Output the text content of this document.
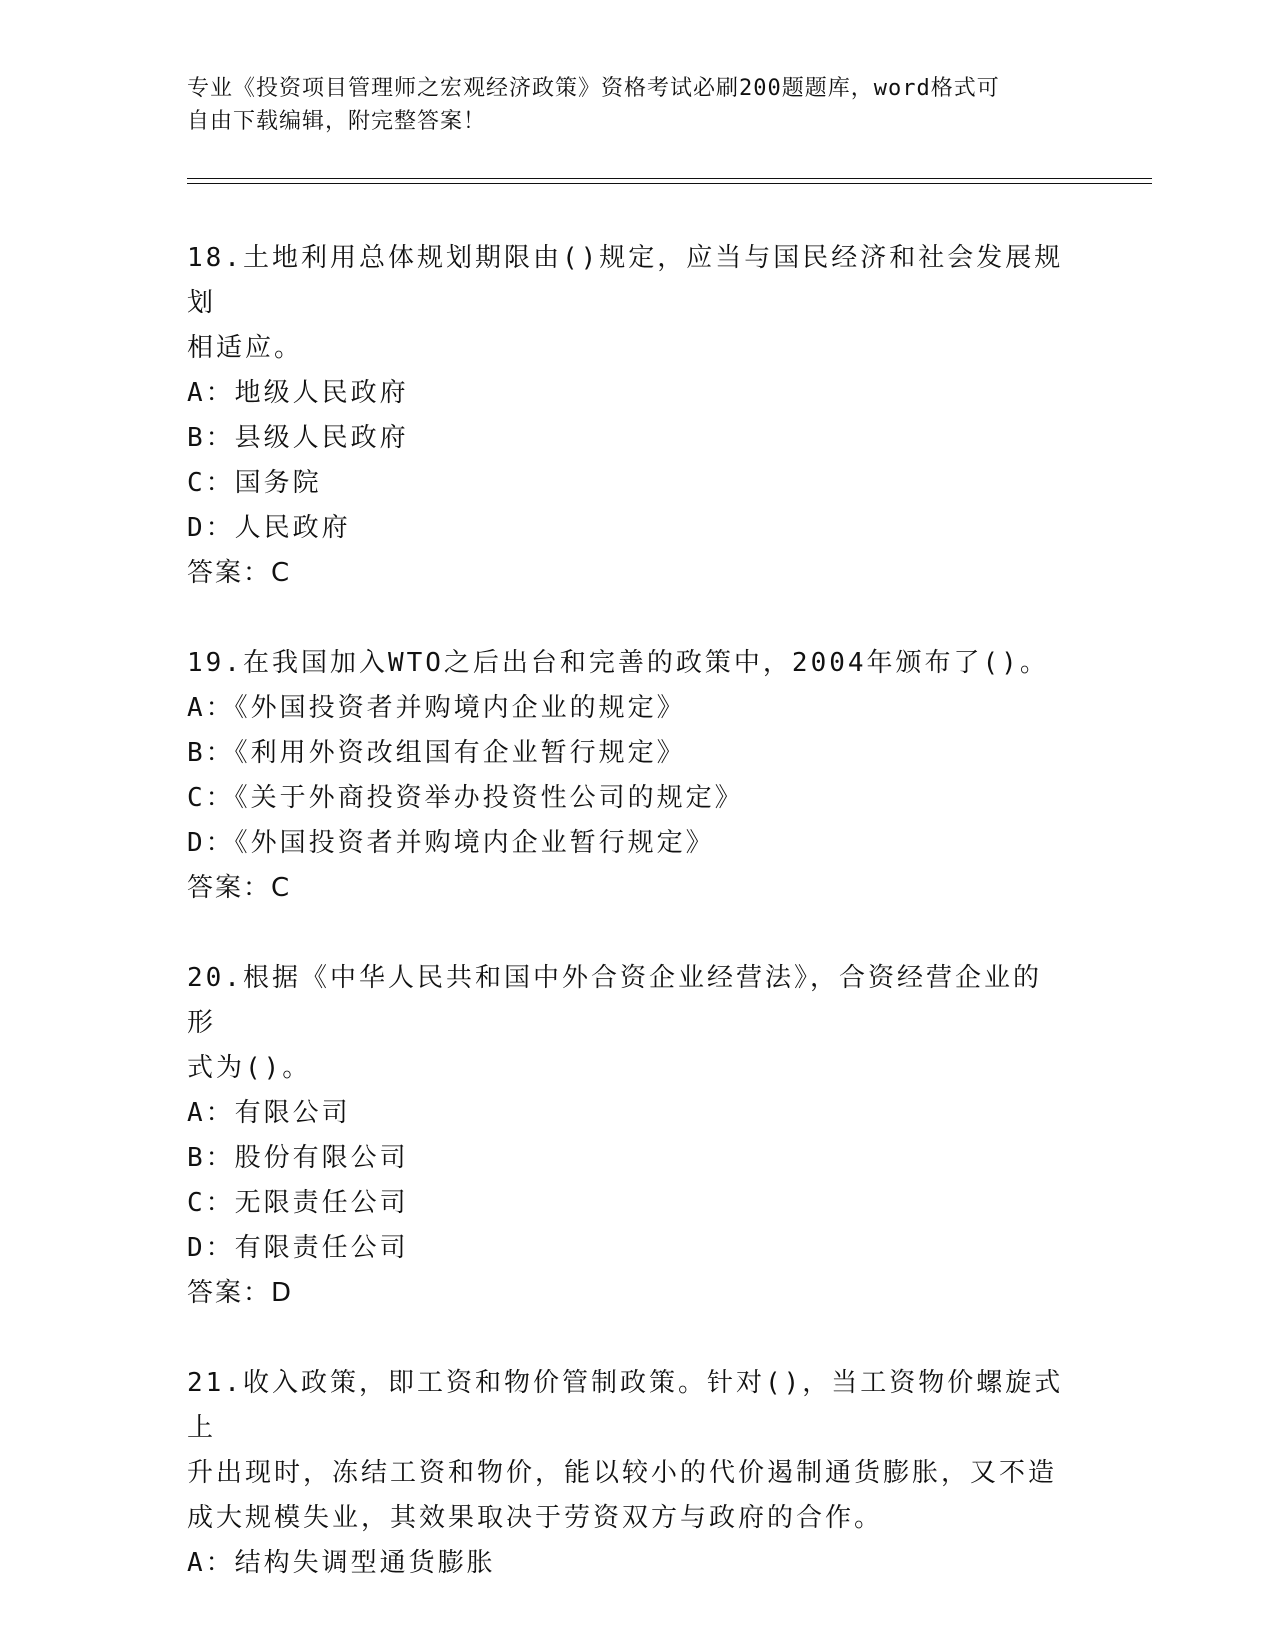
专业《投资项目管理师之宏观经济政策》资格考试必刷200题题库，word格式可
自由下载编辑，附完整答案！
18.土地利用总体规划期限由()规定，应当与国民经济和社会发展规划
相适应。
A：地级人民政府
B：县级人民政府
C：国务院
D：人民政府
答案：C
19.在我国加入WTO之后出台和完善的政策中，2004年颁布了()。
A：《外国投资者并购境内企业的规定》
B：《利用外资改组国有企业暂行规定》
C：《关于外商投资举办投资性公司的规定》
D：《外国投资者并购境内企业暂行规定》
答案：C
20.根据《中华人民共和国中外合资企业经营法》，合资经营企业的形
式为()。
A：有限公司
B：股份有限公司
C：无限责任公司
D：有限责任公司
答案：D
21.收入政策，即工资和物价管制政策。针对()，当工资物价螺旋式上
升出现时，冻结工资和物价，能以较小的代价遏制通货膨胀，又不造
成大规模失业，其效果取决于劳资双方与政府的合作。
A：结构失调型通货膨胀
